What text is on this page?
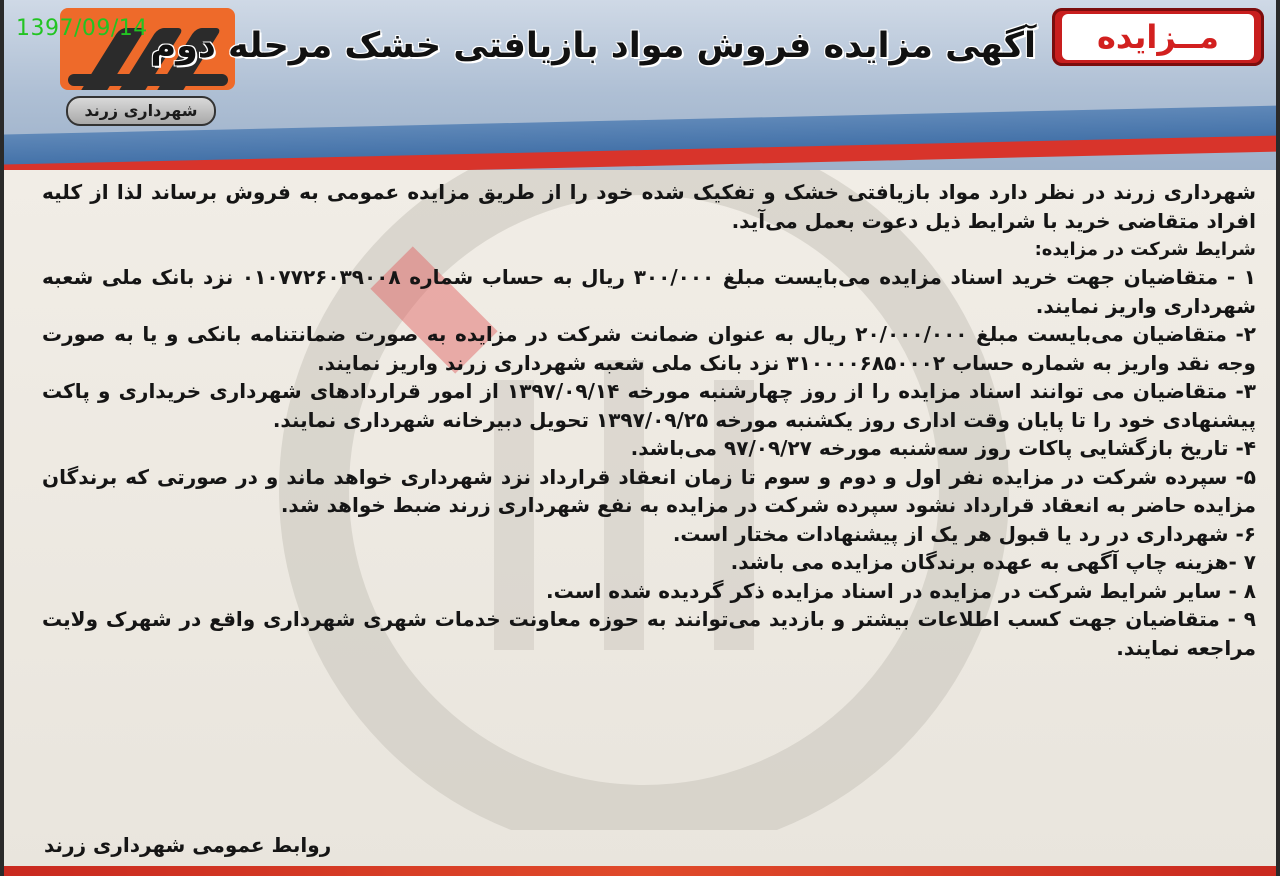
شهرداری زرند
آگهی مزایده فروش مواد بازیافتی خشک مرحله دوم	مــزایده
1397/09/14

شهرداری زرند در نظر دارد مواد بازیافتی خشک و تفکیک شده خود را از طریق مزایده عمومی به فروش برساند لذا از کلیه افراد متقاضی خرید با شرایط ذیل دعوت بعمل می‌آید.

شرایط شرکت در مزایده:

۱ - متقاضیان جهت خرید اسناد مزایده می‌بایست مبلغ ۳۰۰/۰۰۰ ریال به حساب شماره ۰۱۰۷۷۲۶۰۳۹۰۰۸ نزد بانک ملی شعبه شهرداری واریز نمایند.

۲- متقاضیان می‌بایست مبلغ ۲۰/۰۰۰/۰۰۰ ریال به عنوان ضمانت شرکت در مزایده به صورت ضمانتنامه بانکی و یا به صورت وجه نقد واریز به شماره حساب ۳۱۰۰۰۰۶۸۵۰۰۰۲ نزد بانک ملی شعبه شهرداری زرند واریز نمایند.

۳- متقاضیان می توانند اسناد مزایده را از روز چهارشنبه مورخه ۱۳۹۷/۰۹/۱۴ از امور قراردادهای شهرداری خریداری و پاکت پیشنهادی خود را تا پایان وقت اداری روز یکشنبه مورخه ۱۳۹۷/۰۹/۲۵ تحویل دبیرخانه شهرداری نمایند.

۴- تاریخ بازگشایی پاکات روز سه‌شنبه مورخه ۹۷/۰۹/۲۷ می‌باشد.

۵- سپرده شرکت در مزایده نفر اول و دوم و سوم تا زمان انعقاد قرارداد نزد شهرداری خواهد ماند و در صورتی که برندگان مزایده حاضر به انعقاد قرارداد نشود سپرده شرکت در مزایده به نفع شهرداری زرند ضبط خواهد شد.

۶- شهرداری در رد یا قبول هر یک از پیشنهادات مختار است.

۷ -هزینه چاپ آگهی به عهده برندگان مزایده می باشد.

۸ - سایر شرایط شرکت در مزایده در اسناد مزایده ذکر گردیده شده است.

۹ - متقاضیان جهت کسب اطلاعات بیشتر و بازدید می‌توانند به حوزه معاونت خدمات شهری شهرداری واقع در شهرک ولایت مراجعه نمایند.

روابط عمومی شهرداری زرند
